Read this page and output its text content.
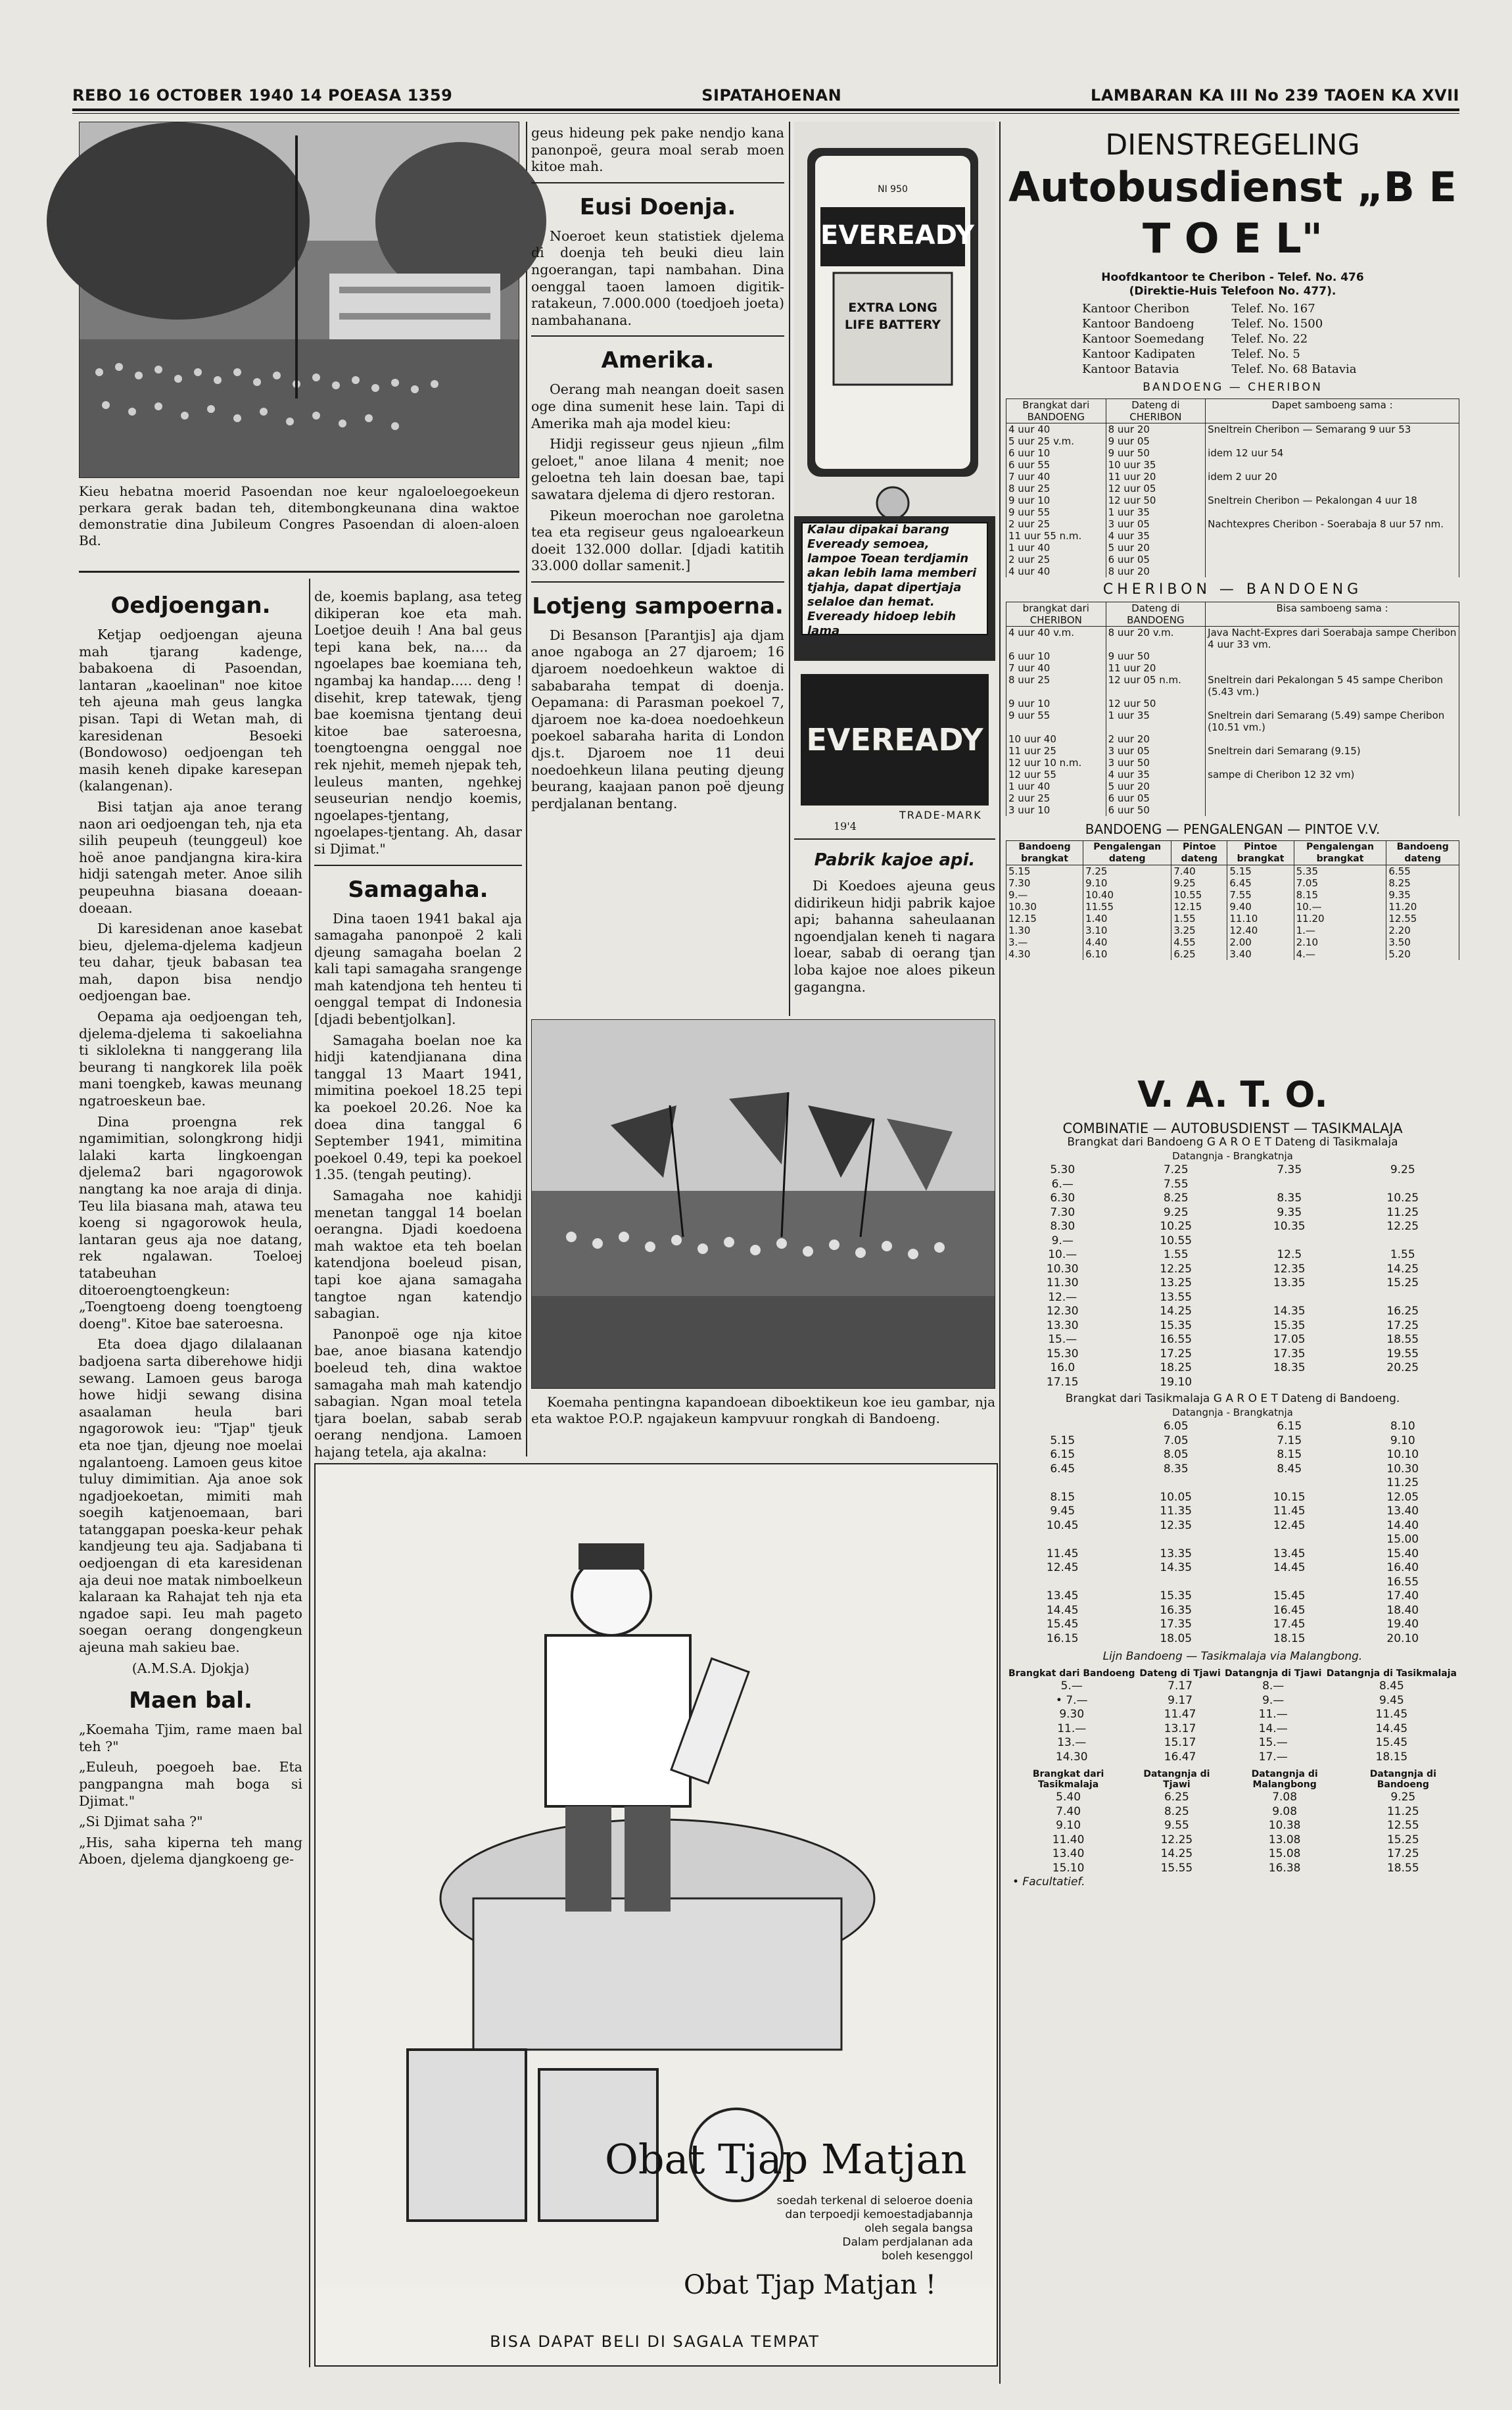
REBO 16 OCTOBER 1940 14 POEASA 1359	SIPATAHOENAN	LAMBARAN KA III No 239 TAOEN KA XVII
Kieu hebatna moerid Pasoendan noe keur ngaloeloegoekeun perkara gerak badan teh, ditembongkeunana dina waktoe demonstratie dina Jubileum Congres Pasoendan di aloen-aloen Bd.
Oedjoengan.

Ketjap oedjoengan ajeuna mah tjarang kadenge, babakoena di Pasoendan, lantaran „kaoelinan" noe kitoe teh ajeuna mah geus langka pisan. Tapi di Wetan mah, di karesidenan Besoeki (Bondowoso) oedjoengan teh masih keneh dipake karesepan (kalangenan).

Bisi tatjan aja anoe terang naon ari oedjoengan teh, nja eta silih peupeuh (teunggeul) koe hoë anoe pandjangna kira-kira hidji satengah meter. Anoe silih peupeuhna biasana doeaan-doeaan.

Di karesidenan anoe kasebat bieu, djelema-djelema kadjeun teu dahar, tjeuk babasan tea mah, dapon bisa nendjo oedjoengan bae.

Oepama aja oedjoengan teh, djelema-djelema ti sakoeliahna ti siklolekna ti nanggerang lila beurang ti nangkorek lila poëk mani toengkeb, kawas meunang ngatroeskeun bae.

Dina proengna rek ngamimitian, solongkrong hidji lalaki karta lingkoengan djelema2 bari ngagorowok nangtang ka noe araja di dinja. Teu lila biasana mah, atawa teu koeng si ngagorowok heula, lantaran geus aja noe datang, rek ngalawan. Toeloej tatabeuhan ditoeroengtoengkeun: „Toengtoeng doeng toengtoeng doeng". Kitoe bae sateroesna.

Eta doea djago dilalaanan badjoena sarta diberehowe hidji sewang. Lamoen geus baroga howe hidji sewang disina asaalaman heula bari ngagorowok ieu: "Tjap" tjeuk eta noe tjan, djeung noe moelai ngalantoeng. Lamoen geus kitoe tuluy dimimitian. Aja anoe sok ngadjoekoetan, mimiti mah soegih katjenoemaan, bari tatanggapan poeska-keur pehak kandjeung teu aja. Sadjabana ti oedjoengan di eta karesidenan aja deui noe matak nimboelkeun kalaraan ka Rahajat teh nja eta ngadoe sapi. Ieu mah pageto soegan oerang dongengkeun ajeuna mah sakieu bae.

(A.M.S.A. Djokja)

Maen bal.

„Koemaha Tjim, rame maen bal teh ?"

„Euleuh, poegoeh bae. Eta pangpangna mah boga si Djimat."

„Si Djimat saha ?"

„His, saha kiperna teh mang Aboen, djelema djangkoeng ge-

de, koemis baplang, asa teteg dikiperan koe eta mah. Loetjoe deuih ! Ana bal geus tepi kana bek, na.... da ngoelapes bae koemiana teh, ngambaj ka handap..... deng ! disehit, krep tatewak, tjeng bae koemisna tjentang deui kitoe bae sateroesna, toengtoengna oenggal noe rek njehit, memeh njepak teh, leuleus manten, ngehkej seuseurian nendjo koemis, ngoelapes-tjentang, ngoelapes-tjentang. Ah, dasar si Djimat."

Samagaha.

Dina taoen 1941 bakal aja samagaha panonpoë 2 kali djeung samagaha boelan 2 kali tapi samagaha srangenge mah katendjona teh henteu ti oenggal tempat di Indonesia [djadi bebentjolkan].

Samagaha boelan noe ka hidji katendjianana dina tanggal 13 Maart 1941, mimitina poekoel 18.25 tepi ka poekoel 20.26. Noe ka doea dina tanggal 6 September 1941, mimitina poekoel 0.49, tepi ka poekoel 1.35. (tengah peuting).

Samagaha noe kahidji menetan tanggal 14 boelan oerangna. Djadi koedoena mah waktoe eta teh boelan katendjona boeleud pisan, tapi koe ajana samagaha tangtoe ngan katendjo sabagian.

Panonpoë oge nja kitoe bae, anoe biasana katendjo boeleud teh, dina waktoe samagaha mah mah katendjo sabagian. Ngan moal tetela tjara boelan, sabab serab oerang nendjona. Lamoen hajang tetela, aja akalna:

geus hideung pek pake nendjo kana panonpoë, geura moal serab moen kitoe mah.

Eusi Doenja.

Noeroet keun statistiek djelema di doenja teh beuki dieu lain ngoerangan, tapi nambahan. Dina oenggal taoen lamoen digitik-ratakeun, 7.000.000 (toedjoeh joeta) nambahanana.

Amerika.

Oerang mah neangan doeit sasen oge dina sumenit hese lain. Tapi di Amerika mah aja model kieu:

Hidji regisseur geus njieun „film geloet," anoe lilana 4 menit; noe geloetna teh lain doesan bae, tapi sawatara djelema di djero restoran.

Pikeun moerochan noe garoletna tea eta regiseur geus ngaloearkeun doeit 132.000 dollar. [djadi katitih 33.000 dollar samenit.]

Lotjeng sampoerna.

Di Besanson [Parantjis] aja djam anoe ngaboga an 27 djaroem; 16 djaroem noedoehkeun waktoe di sababaraha tempat di doenja. Oepamana: di Parasman poekoel 7, djaroem noe ka-doea noedoehkeun poekoel sabaraha harita di London djs.t. Djaroem noe 11 deui noedoehkeun lilana peuting djeung beurang, kaajaan panon poë djeung perdjalanan bentang.

EVEREADY
NI 950
EXTRA LONG LIFE BATTERY
Kalau dipakai barang Eveready semoea, lampoe Toean terdjamin akan lebih lama memberi tjahja, dapat dipertjaja selaloe dan hemat. Eveready hidoep lebih lama
EVEREADY
TRADE-MARK
19'4
Pabrik kajoe api.

Di Koedoes ajeuna geus didirikeun hidji pabrik kajoe api; bahanna saheulaanan ngoendjalan keneh ti nagara loear, sabab di oerang tjan loba kajoe noe aloes pikeun gagangna.

Koemaha pentingna kapandoean diboektikeun koe ieu gambar, nja eta waktoe P.O.P. ngajakeun kampvuur rongkah di Bandoeng.
Obat Tjap Matjan
soedah terkenal di seloeroe doenia
dan terpoedji kemoestadjabannja
oleh segala bangsa
Dalam perdjalanan ada
boleh kesenggol
Obat Tjap Matjan !
BISA DAPAT BELI DI SAGALA TEMPAT
DIENSTREGELING
Autobusdienst „B E T O E L"
Hoofdkantoor te Cheribon - Telef. No. 476
(Direktie-Huis Telefoon No. 477).
Kantoor Cheribon	Telef. No. 167
Kantoor Bandoeng	Telef. No. 1500
Kantoor Soemedang	Telef. No. 22
Kantoor Kadipaten	Telef. No. 5
Kantoor Batavia	Telef. No. 68 Batavia
BANDOENG — CHERIBON
Brangkat dari BANDOENG	Dateng di CHERIBON	Dapet samboeng sama :
4 uur 40	8 uur 20	Sneltrein Cheribon — Semarang 9 uur 53
5 uur 25 v.m.	9 uur 05	
6 uur 10	9 uur 50	idem 12 uur 54
6 uur 55	10 uur 35	
7 uur 40	11 uur 20	idem 2 uur 20
8 uur 25	12 uur 05	
9 uur 10	12 uur 50	Sneltrein Cheribon — Pekalongan 4 uur 18
9 uur 55	1 uur 35	
2 uur 25	3 uur 05	Nachtexpres Cheribon - Soerabaja 8 uur 57 nm.
11 uur 55 n.m.	4 uur 35	
1 uur 40	5 uur 20	
2 uur 25	6 uur 05	
4 uur 40	8 uur 20	
CHERIBON — BANDOENG
brangkat dari CHERIBON	Dateng di BANDOENG	Bisa samboeng sama :
4 uur 40 v.m.	8 uur 20 v.m.	Java Nacht-Expres dari Soerabaja sampe Cheribon 4 uur 33 vm.
6 uur 10	9 uur 50	
7 uur 40	11 uur 20	
8 uur 25	12 uur 05 n.m.	Sneltrein dari Pekalongan 5 45 sampe Cheribon (5.43 vm.)
9 uur 10	12 uur 50	
9 uur 55	1 uur 35	Sneltrein dari Semarang (5.49) sampe Cheribon (10.51 vm.)
10 uur 40	2 uur 20	
11 uur 25	3 uur 05	Sneltrein dari Semarang (9.15)
12 uur 10 n.m.	3 uur 50	
12 uur 55	4 uur 35	sampe di Cheribon 12 32 vm)
1 uur 40	5 uur 20	
2 uur 25	6 uur 05	
3 uur 10	6 uur 50	
BANDOENG — PENGALENGAN — PINTOE V.V.
Bandoeng brangkat	Pengalengan dateng	Pintoe dateng	Pintoe brangkat	Pengalengan brangkat	Bandoeng dateng
5.15	7.25	7.40	5.15	5.35	6.55
7.30	9.10	9.25	6.45	7.05	8.25
9.—	10.40	10.55	7.55	8.15	9.35
10.30	11.55	12.15	9.40	10.—	11.20
12.15	1.40	1.55	11.10	11.20	12.55
1.30	3.10	3.25	12.40	1.—	2.20
3.—	4.40	4.55	2.00	2.10	3.50
4.30	6.10	6.25	3.40	4.—	5.20
V. A. T. O.
COMBINATIE — AUTOBUSDIENST — TASIKMALAJA
Brangkat dari Bandoeng G A R O E T Dateng di Tasikmalaja
Datangnja - Brangkatnja
5.30	7.25	7.35	9.25
6.—	7.55		
6.30	8.25	8.35	10.25
7.30	9.25	9.35	11.25
8.30	10.25	10.35	12.25
9.—	10.55		
10.—	1.55	12.5	1.55
10.30	12.25	12.35	14.25
11.30	13.25	13.35	15.25
12.—	13.55		
12.30	14.25	14.35	16.25
13.30	15.35	15.35	17.25
15.—	16.55	17.05	18.55
15.30	17.25	17.35	19.55
16.0	18.25	18.35	20.25
17.15	19.10		
Brangkat dari Tasikmalaja G A R O E T Dateng di Bandoeng.
Datangnja - Brangkatnja
	6.05	6.15	8.10
5.15	7.05	7.15	9.10
6.15	8.05	8.15	10.10
6.45	8.35	8.45	10.30
			11.25
8.15	10.05	10.15	12.05
9.45	11.35	11.45	13.40
10.45	12.35	12.45	14.40
			15.00
11.45	13.35	13.45	15.40
12.45	14.35	14.45	16.40
			16.55
13.45	15.35	15.45	17.40
14.45	16.35	16.45	18.40
15.45	17.35	17.45	19.40
16.15	18.05	18.15	20.10
Lijn Bandoeng — Tasikmalaja via Malangbong.
Brangkat dari Bandoeng	Dateng di Tjawi	Datangnja di Tjawi	Datangnja di Tasikmalaja
5.—	7.17	8.—	8.45
• 7.—	9.17	9.—	9.45
9.30	11.47	11.—	11.45
11.—	13.17	14.—	14.45
13.—	15.17	15.—	15.45
14.30	16.47	17.—	18.15
Brangkat dari Tasikmalaja	Datangnja di Tjawi	Datangnja di Malangbong	Datangnja di Bandoeng
5.40	6.25	7.08	9.25
7.40	8.25	9.08	11.25
9.10	9.55	10.38	12.55
11.40	12.25	13.08	15.25
13.40	14.25	15.08	17.25
15.10	15.55	16.38	18.55
• Facultatief.
